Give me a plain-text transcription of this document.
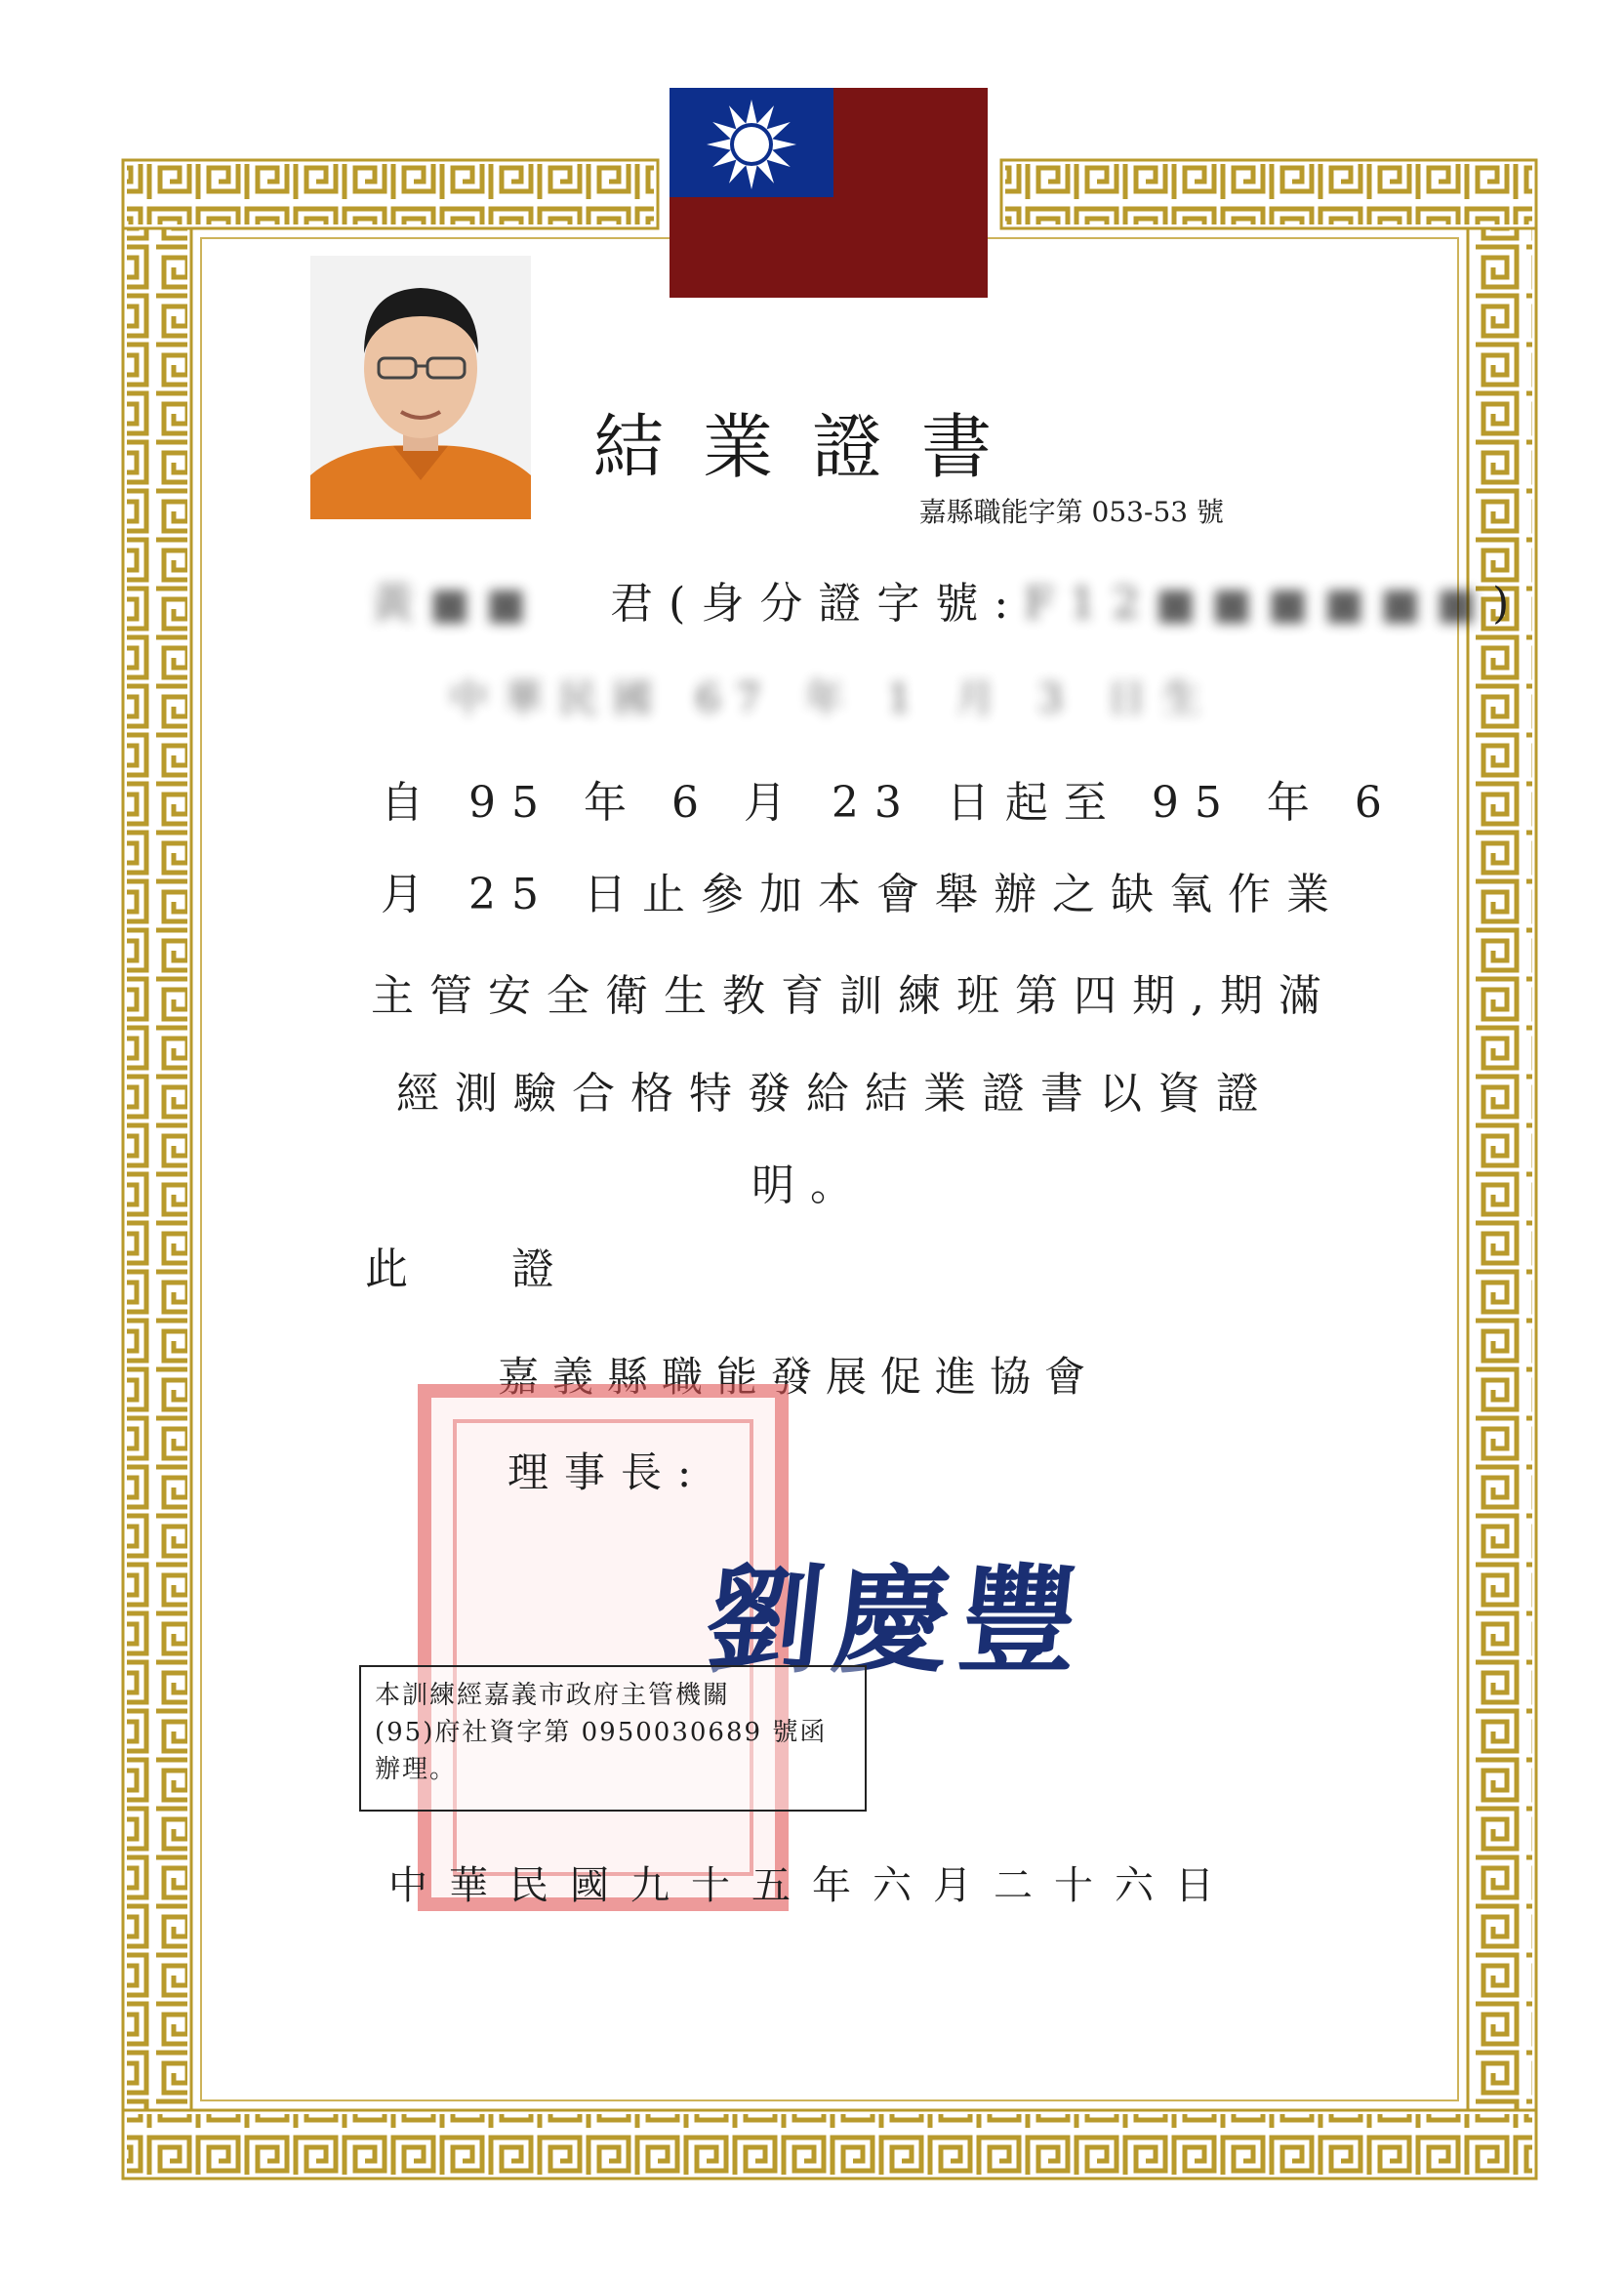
結業證書
嘉縣職能字第 053-53 號
黃■■ 君(身分證字號:F12■■■■■■)
中華民國 67 年 1 月 3 日生
自 95 年 6 月 23 日起至 95 年 6
月 25 日止參加本會舉辦之缺氧作業
主管安全衛生教育訓練班第四期,期滿
經測驗合格特發給結業證書以資證
明。
此 證
嘉義縣職能發展促進協會
理事長:
劉慶豐
本訓練經嘉義市政府主管機關
(95)府社資字第 0950030689 號函
辦理。
中華民國九十五年六月二十六日
